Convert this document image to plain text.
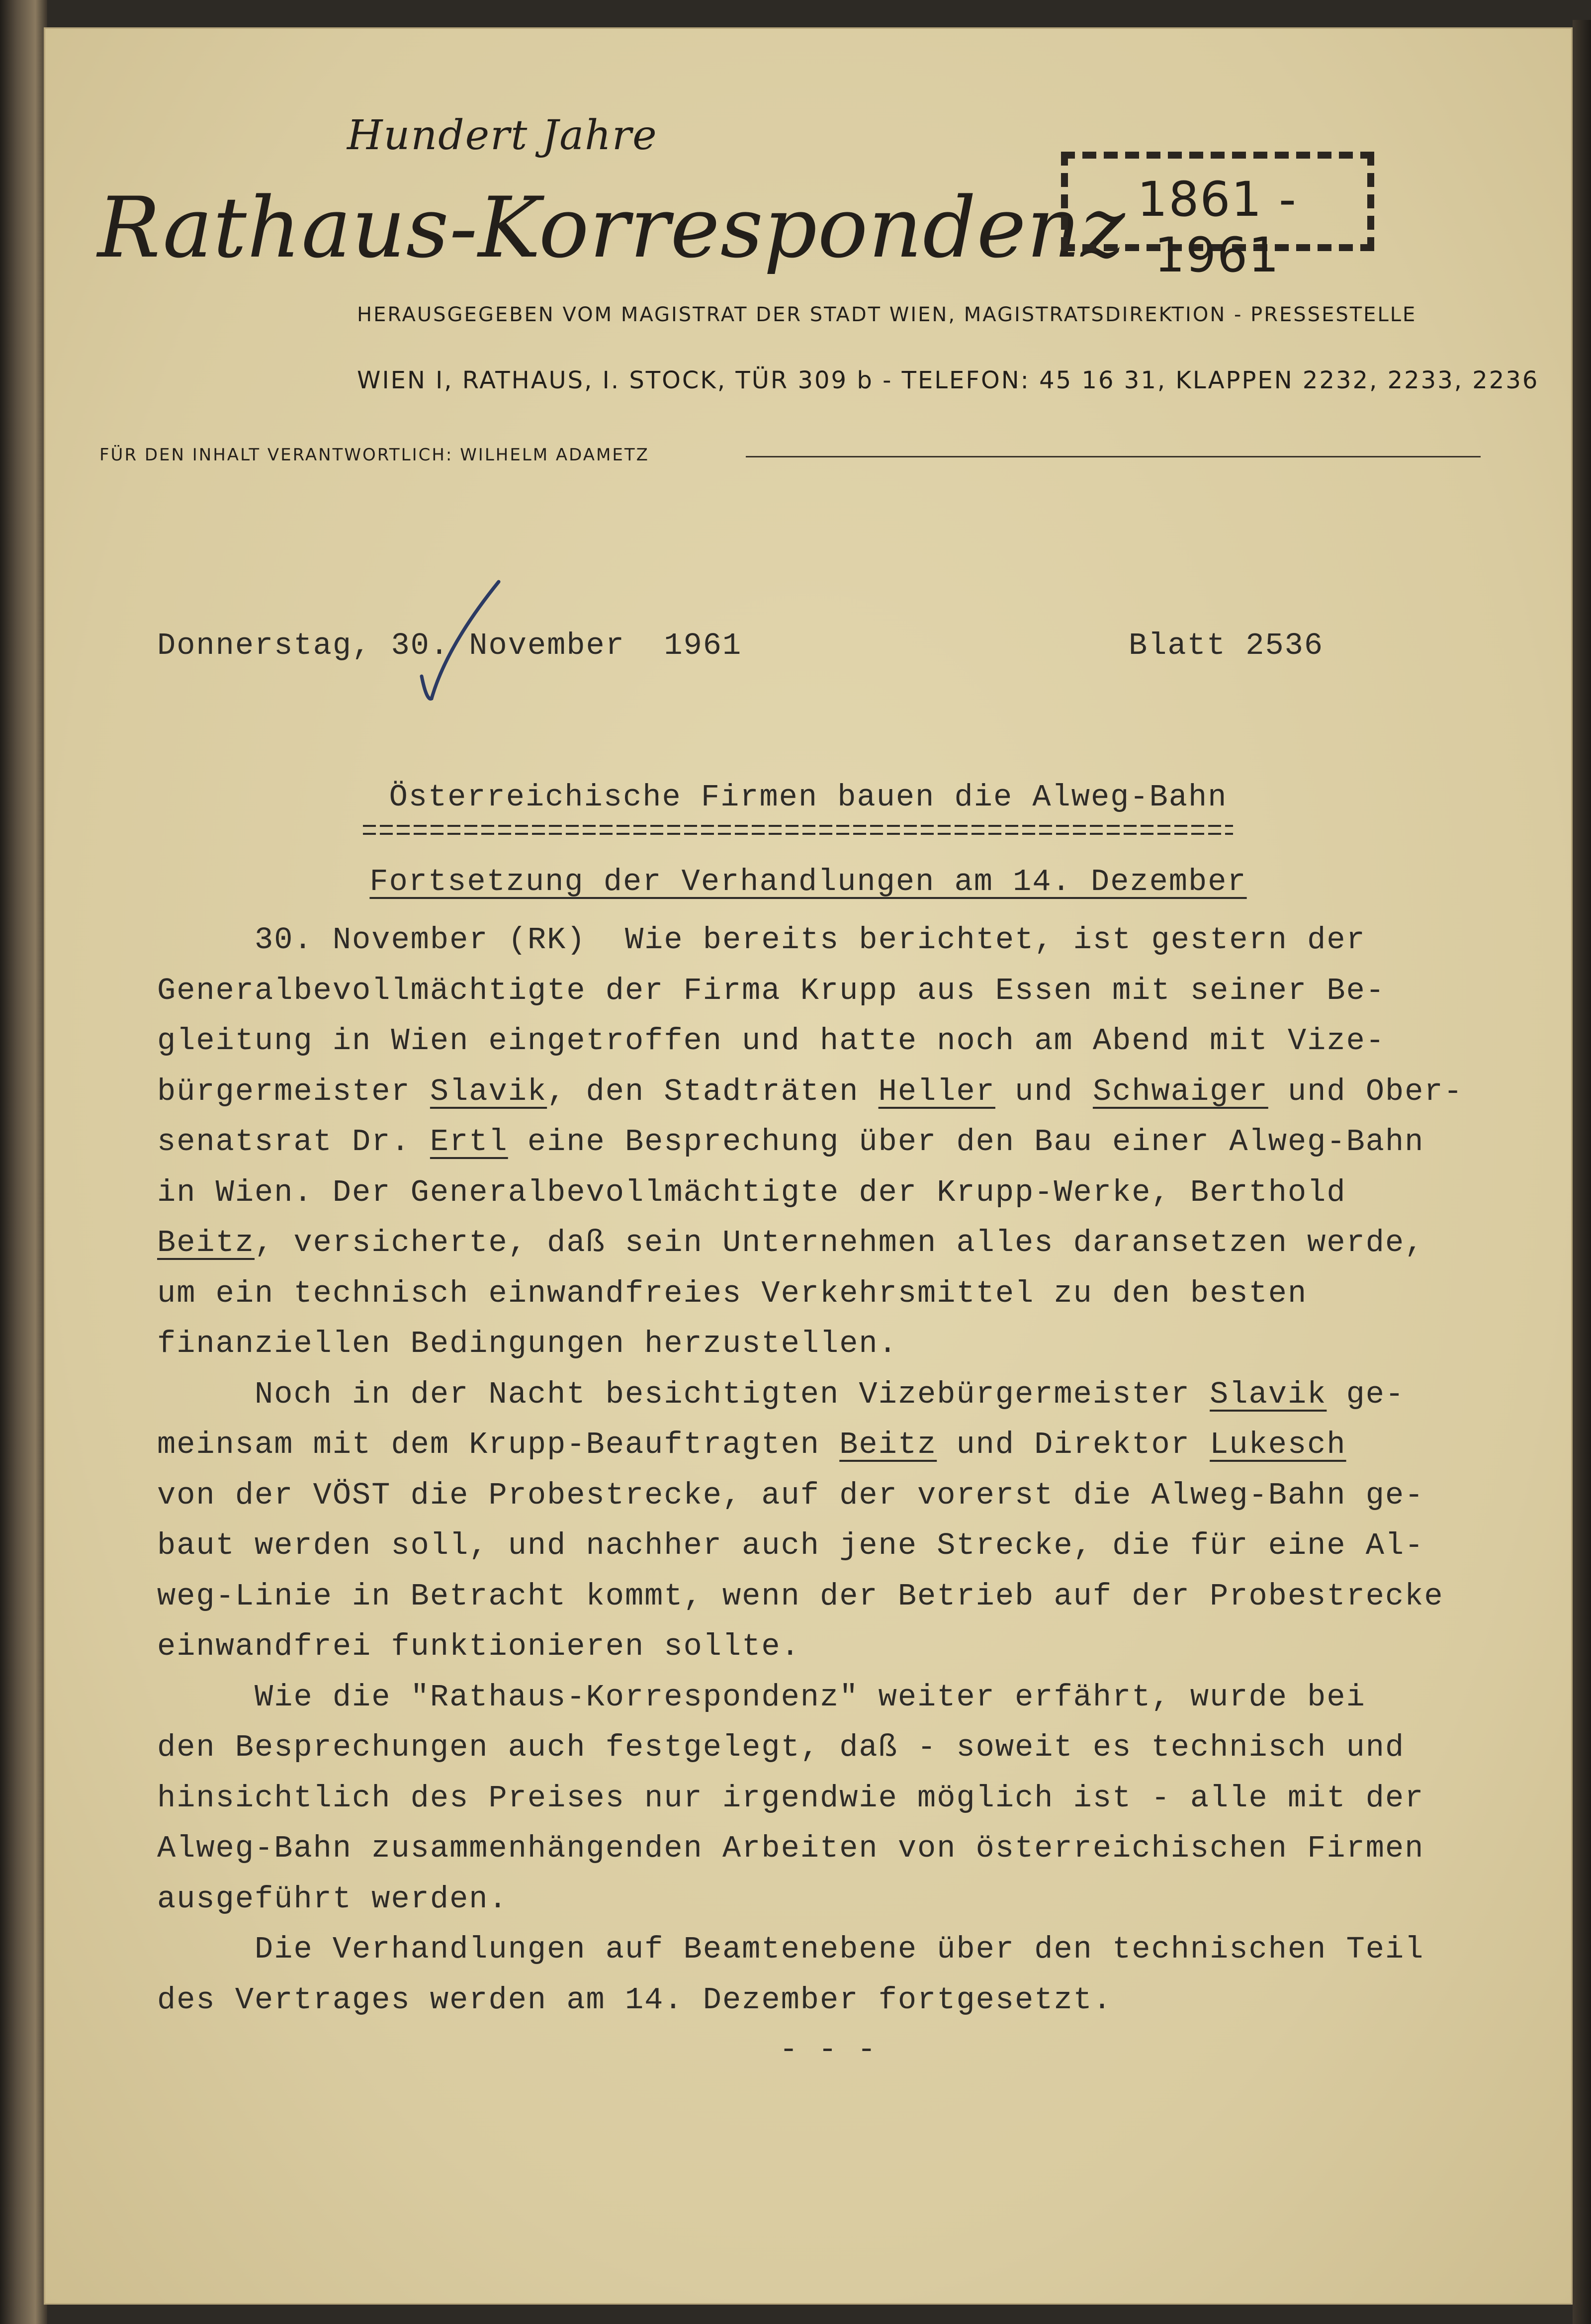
Hundert Jahre
Rathaus-Korrespondenz 1861 - 1961
HERAUSGEGEBEN VOM MAGISTRAT DER STADT WIEN, MAGISTRATSDIREKTION - PRESSESTELLE
WIEN I, RATHAUS, I. STOCK, TÜR 309 b - TELEFON: 45 16 31, KLAPPEN 2232, 2233, 2236
FÜR DEN INHALT VERANTWORTLICH: WILHELM ADAMETZ
Donnerstag, 30. November  1961	Blatt 2536
Österreichische Firmen bauen die Alweg-Bahn
Fortsetzung der Verhandlungen am 14. Dezember
30. November (RK)  Wie bereits berichtet, ist gestern der
Generalbevollmächtigte der Firma Krupp aus Essen mit seiner Be-
gleitung in Wien eingetroffen und hatte noch am Abend mit Vize-
bürgermeister Slavik, den Stadträten Heller und Schwaiger und Ober-
senatsrat Dr. Ertl eine Besprechung über den Bau einer Alweg-Bahn
in Wien. Der Generalbevollmächtigte der Krupp-Werke, Berthold
Beitz, versicherte, daß sein Unternehmen alles daransetzen werde,
um ein technisch einwandfreies Verkehrsmittel zu den besten
finanziellen Bedingungen herzustellen.
Noch in der Nacht besichtigten Vizebürgermeister Slavik ge-
meinsam mit dem Krupp-Beauftragten Beitz und Direktor Lukesch
von der VÖST die Probestrecke, auf der vorerst die Alweg-Bahn ge-
baut werden soll, und nachher auch jene Strecke, die für eine Al-
weg-Linie in Betracht kommt, wenn der Betrieb auf der Probestrecke
einwandfrei funktionieren sollte.
Wie die "Rathaus-Korrespondenz" weiter erfährt, wurde bei
den Besprechungen auch festgelegt, daß - soweit es technisch und
hinsichtlich des Preises nur irgendwie möglich ist - alle mit der
Alweg-Bahn zusammenhängenden Arbeiten von österreichischen Firmen
ausgeführt werden.
Die Verhandlungen auf Beamtenebene über den technischen Teil
des Vertrages werden am 14. Dezember fortgesetzt.
- - -
